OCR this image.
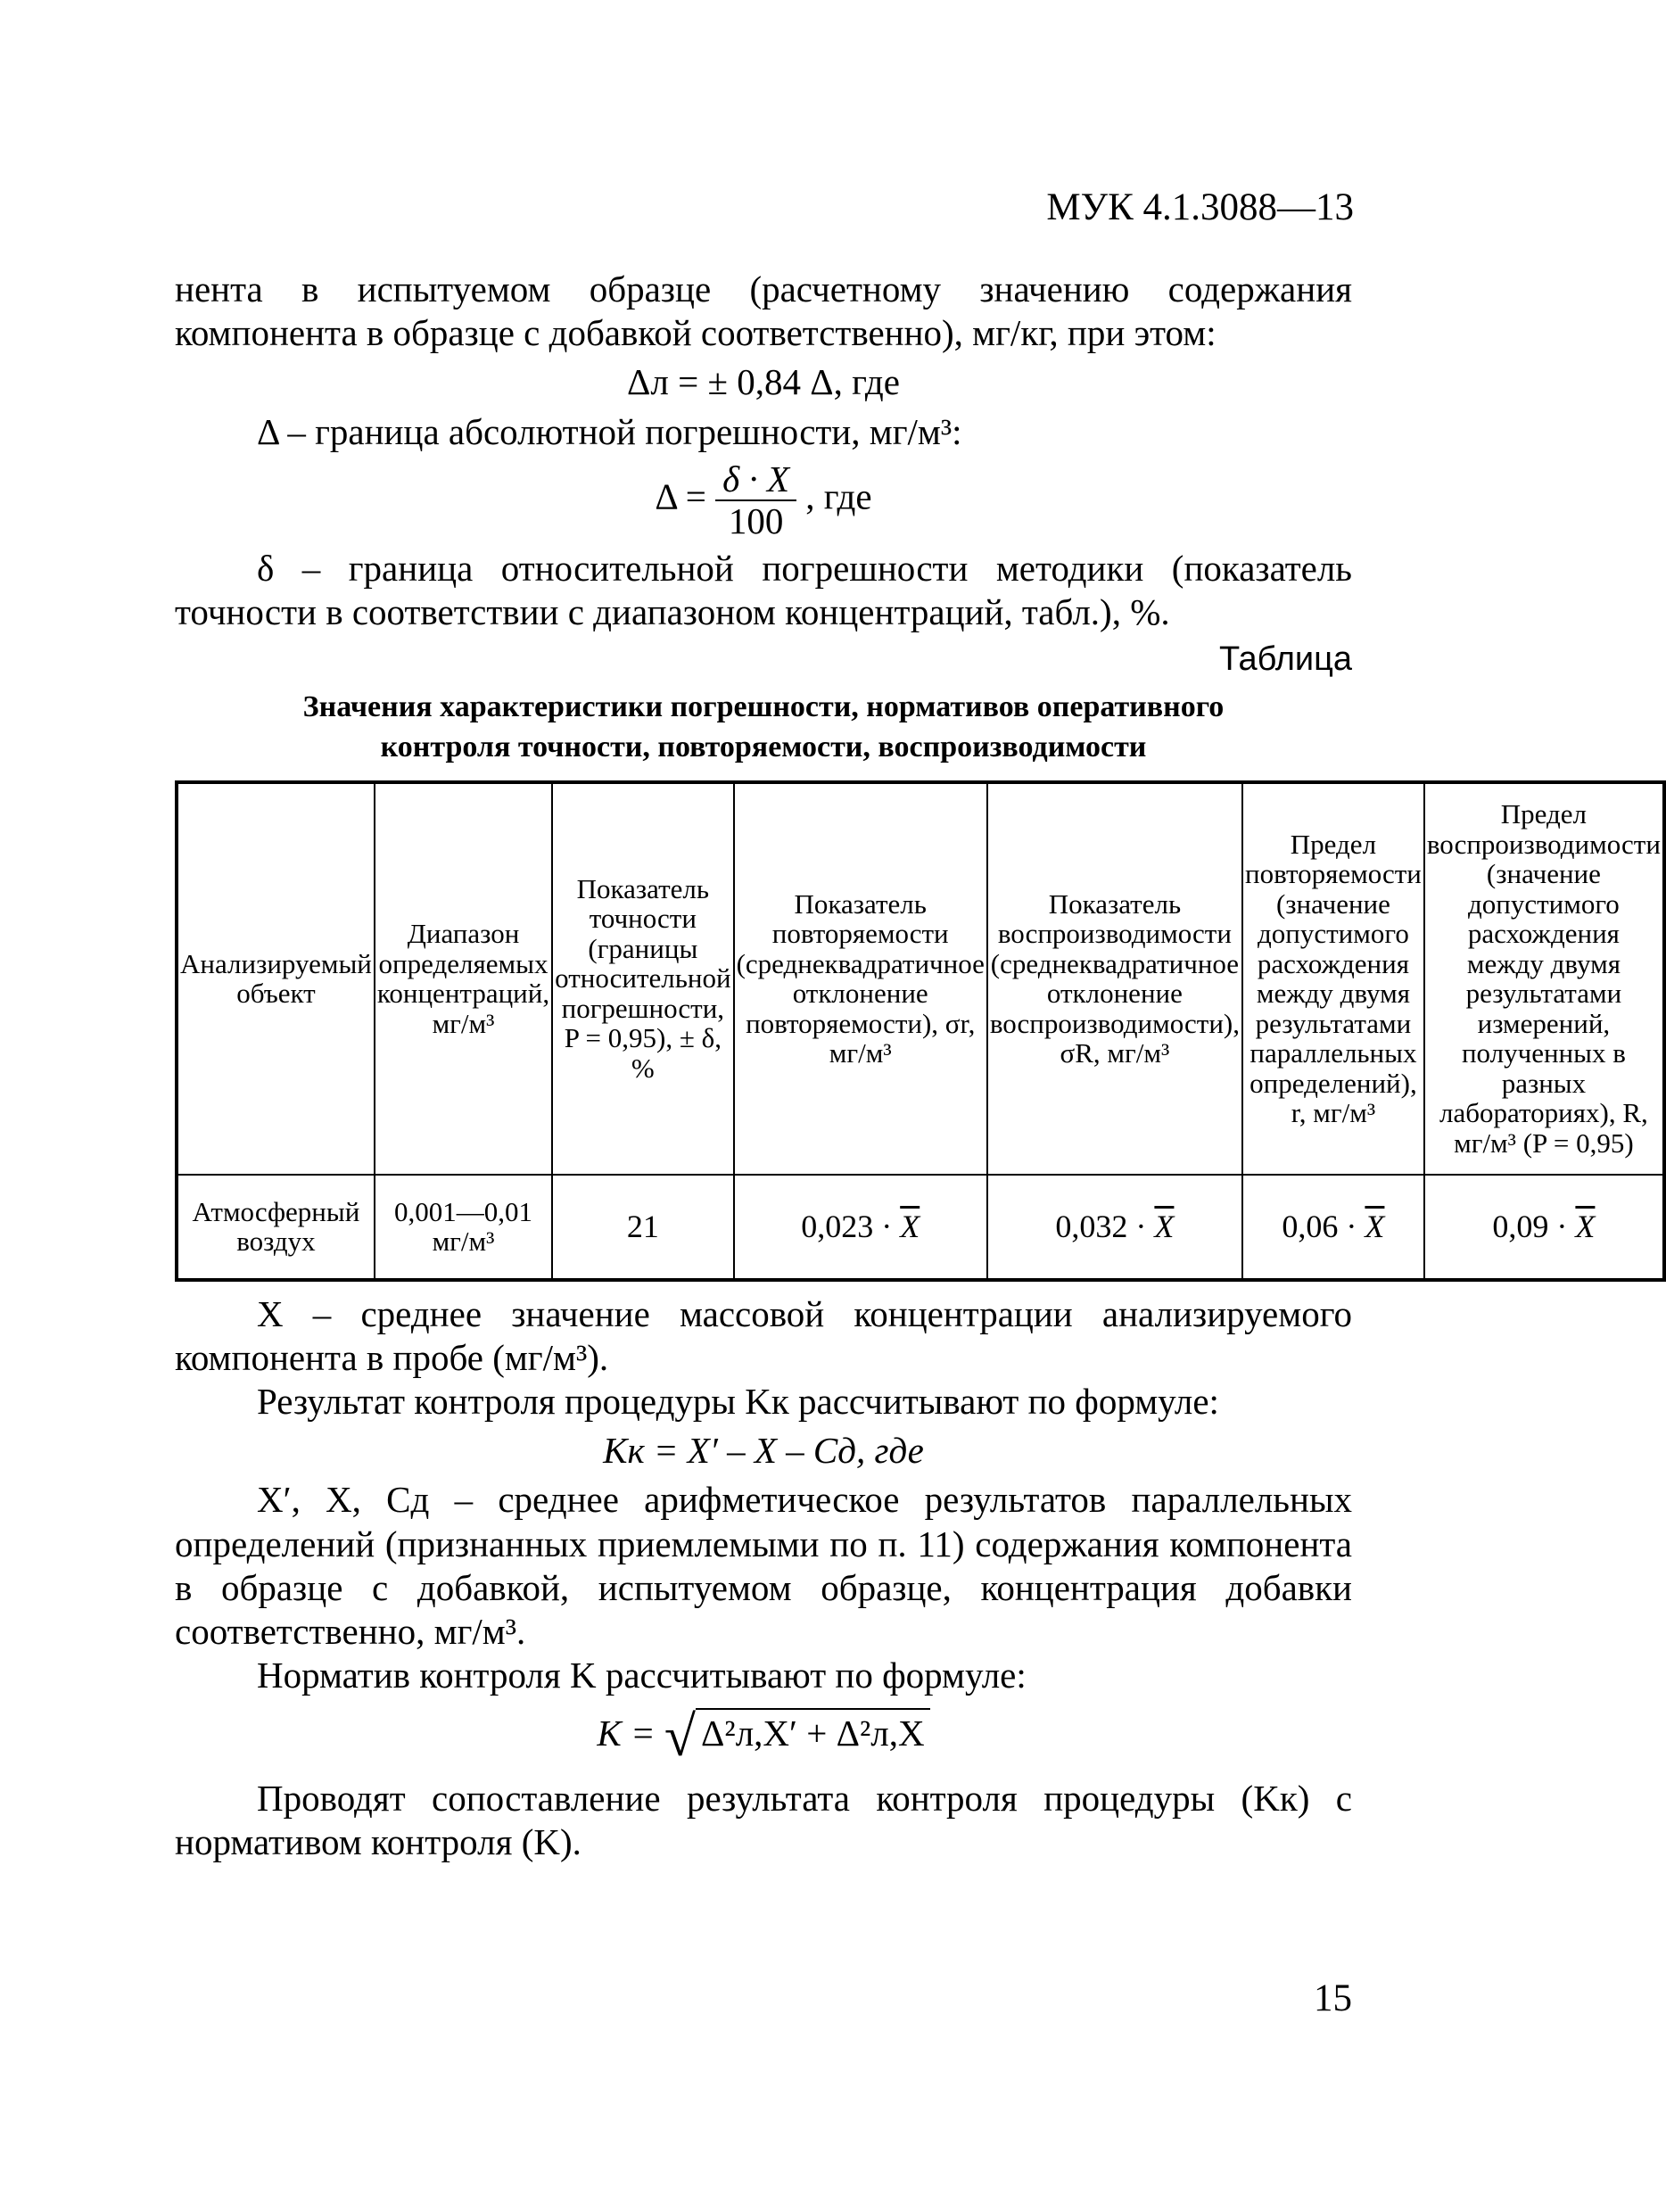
МУК 4.1.3088—13

нента в испытуемом образце (расчетному значению содержания компонента в образце с добавкой соответственно), мг/кг, при этом:

Δл = ± 0,84 Δ, где

Δ – граница абсолютной погрешности, мг/м³:

$\Delta = \frac{\delta \cdot X}{100}$ , где

δ – граница относительной погрешности методики (показатель точности в соответствии с диапазоном концентраций, табл.), %.

Таблица
Значения характеристики погрешности, нормативов оперативного
контроля точности, повторяемости, воспроизводимости
Анализируемый объект	Диапазон определяемых концентраций, мг/м³	Показатель точности (границы относительной погрешности, P = 0,95), ± δ, %	Показатель повторяемости (среднеквадратичное отклонение повторяемости), σr, мг/м³	Показатель воспроизводимости (среднеквадратичное отклонение воспроизводимости), σR, мг/м³	Предел повторяемости (значение допустимого расхождения между двумя результатами параллельных определений), r, мг/м³	Предел воспроизводимости (значение допустимого расхождения между двумя результатами измерений, полученных в разных лабораториях), R, мг/м³ (P = 0,95)
Атмосферный воздух	0,001—0,01 мг/м³	21	$0,023 \cdot \overline{X}$	$0,032 \cdot \overline{X}$	$0,06 \cdot \overline{X}$	$0,09 \cdot \overline{X}$

X – среднее значение массовой концентрации анализируемого компонента в пробе (мг/м³).

Результат контроля процедуры Kк рассчитывают по формуле:

Kк = X′ – X – Cд, где

X′, X, Cд – среднее арифметическое результатов параллельных определений (признанных приемлемыми по п. 11) содержания компонента в образце с добавкой, испытуемом образце, концентрация добавки соответственно, мг/м³.

Норматив контроля K рассчитывают по формуле:

K = √ Δ²л,X′ + Δ²л,X

Проводят сопоставление результата контроля процедуры (Kк) с нормативом контроля (K).

15
